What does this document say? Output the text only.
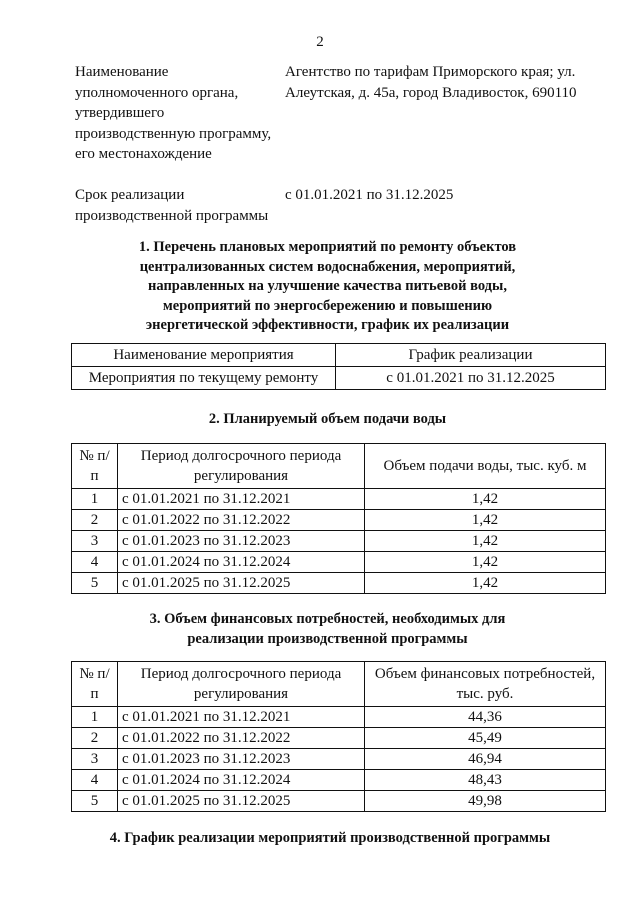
2
Наименование уполномоченного органа, утвердившего производственную программу, его местонахождение
Агентство по тарифам Приморского края; ул. Алеутская, д. 45а, город Владивосток, 690110
Срок реализации производственной программы
с 01.01.2021 по 31.12.2025
1. Перечень плановых мероприятий по ремонту объектов
централизованных систем водоснабжения, мероприятий,
направленных на улучшение качества питьевой воды,
мероприятий по энергосбережению и повышению
энергетической эффективности, график их реализации
Наименование мероприятия	График реализации
Мероприятия по текущему ремонту	с 01.01.2021 по 31.12.2025
2. Планируемый объем подачи воды
№ п/п	Период долгосрочного периода регулирования	Объем подачи воды, тыс. куб. м
1	с 01.01.2021 по 31.12.2021	1,42
2	с 01.01.2022 по 31.12.2022	1,42
3	с 01.01.2023 по 31.12.2023	1,42
4	с 01.01.2024 по 31.12.2024	1,42
5	с 01.01.2025 по 31.12.2025	1,42
3. Объем финансовых потребностей, необходимых для
реализации производственной программы
№ п/п	Период долгосрочного периода регулирования	Объем финансовых потребностей, тыс. руб.
1	с 01.01.2021 по 31.12.2021	44,36
2	с 01.01.2022 по 31.12.2022	45,49
3	с 01.01.2023 по 31.12.2023	46,94
4	с 01.01.2024 по 31.12.2024	48,43
5	с 01.01.2025 по 31.12.2025	49,98
4. График реализации мероприятий производственной программы
